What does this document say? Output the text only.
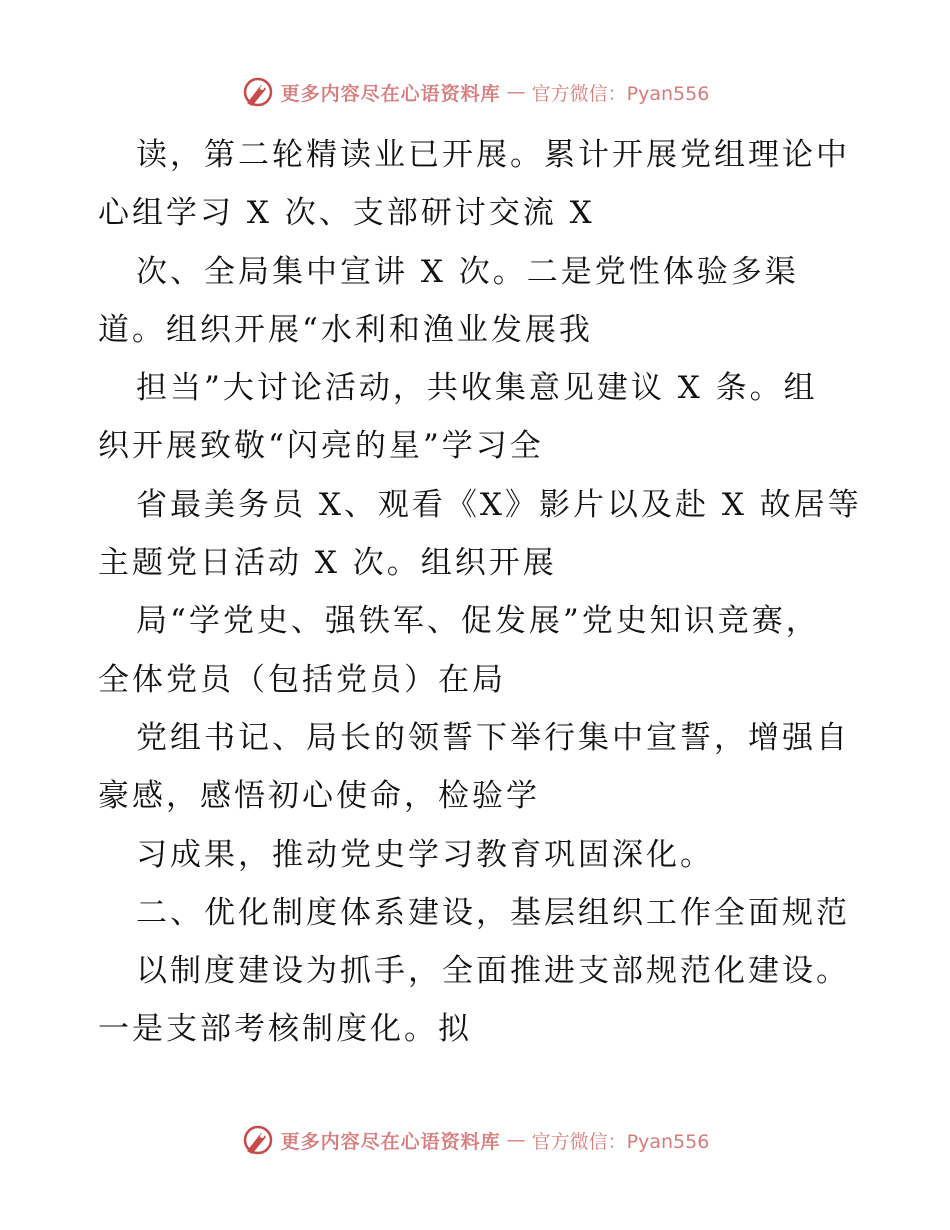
更多内容尽在心语资料库 — 官方微信：Pyan556

读，第二轮精读业已开展。累计开展党组理论中

心组学习 X 次、支部研讨交流 X

次、全局集中宣讲 X 次。二是党性体验多渠

道。组织开展“水利和渔业发展我

担当”大讨论活动，共收集意见建议 X 条。组

织开展致敬“闪亮的星”学习全

省最美务员 X、观看《X》影片以及赴 X 故居等

主题党日活动 X 次。组织开展

局“学党史、强铁军、促发展”党史知识竞赛，

全体党员（包括党员）在局

党组书记、局长的领誓下举行集中宣誓，增强自

豪感，感悟初心使命，检验学

习成果，推动党史学习教育巩固深化。

二、优化制度体系建设，基层组织工作全面规范

以制度建设为抓手，全面推进支部规范化建设。

一是支部考核制度化。拟

更多内容尽在心语资料库 — 官方微信：Pyan556
